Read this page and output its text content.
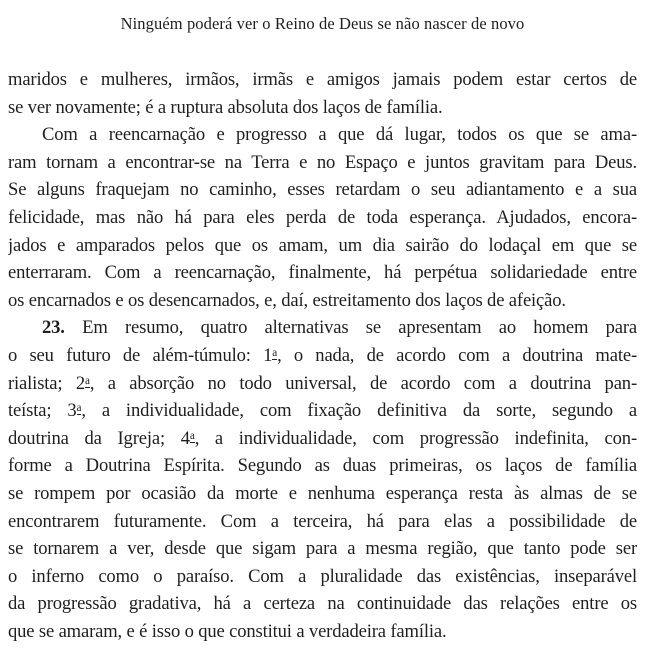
Ninguém poderá ver o Reino de Deus se não nascer de novo
maridos e mulheres, irmãos, irmãs e amigos jamais podem estar certos de
se ver novamente; é a ruptura absoluta dos laços de família.
Com a reencarnação e progresso a que dá lugar, todos os que se ama-
ram tornam a encontrar-se na Terra e no Espaço e juntos gravitam para Deus.
Se alguns fraquejam no caminho, esses retardam o seu adiantamento e a sua
felicidade, mas não há para eles perda de toda esperança. Ajudados, encora-
jados e amparados pelos que os amam, um dia sairão do lodaçal em que se
enterraram. Com a reencarnação, finalmente, há perpétua solidariedade entre
os encarnados e os desencarnados, e, daí, estreitamento dos laços de afeição.
23. Em resumo, quatro alternativas se apresentam ao homem para
o seu futuro de além-túmulo: 1$^a$, o nada, de acordo com a doutrina mate-
rialista; 2$^a$, a absorção no todo universal, de acordo com a doutrina pan-
teísta; 3$^a$, a individualidade, com fixação definitiva da sorte, segundo a
doutrina da Igreja; 4$^a$, a individualidade, com progressão indefinita, con-
forme a Doutrina Espírita. Segundo as duas primeiras, os laços de família
se rompem por ocasião da morte e nenhuma esperança resta às almas de se
encontrarem futuramente. Com a terceira, há para elas a possibilidade de
se tornarem a ver, desde que sigam para a mesma região, que tanto pode ser
o inferno como o paraíso. Com a pluralidade das existências, inseparável
da progressão gradativa, há a certeza na continuidade das relações entre os
que se amaram, e é isso o que constitui a verdadeira família.
